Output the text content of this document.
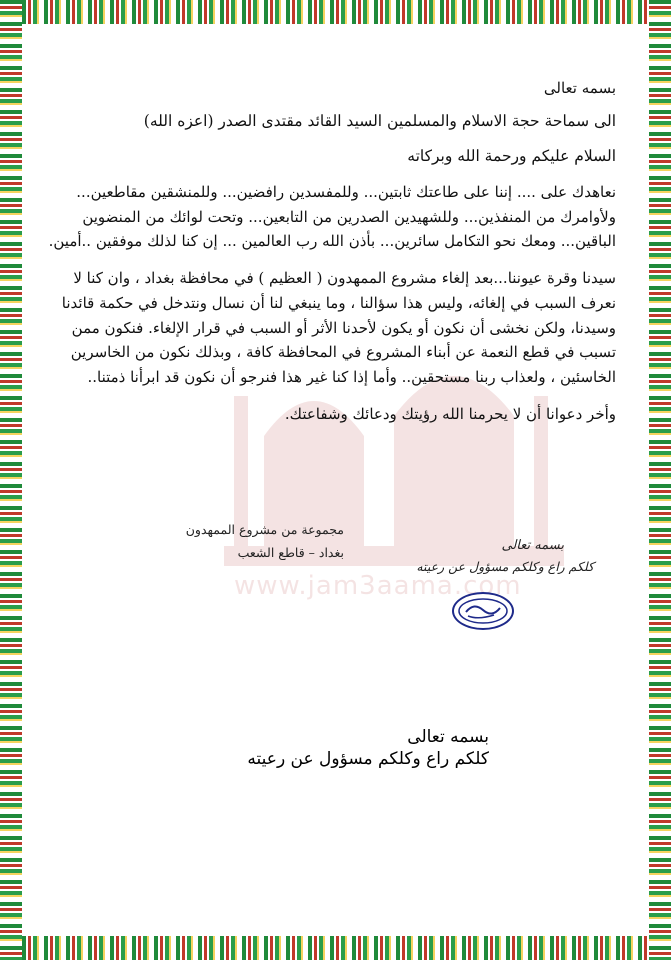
www.jam3aama.com
بسمه تعالى
الى سماحة حجة الاسلام والمسلمين السيد القائد مقتدى الصدر (اعزه الله)
السلام عليكم ورحمة الله وبركاته

نعاهدك على .... إننا على طاعتك ثابتين... وللمفسدين رافضين... وللمنشقين مقاطعين...

ولأوامرك من المنفذين... وللشهيدين الصدرين من التابعين... وتحت لوائك من المنضوين

الباقين... ومعك نحو التكامل سائرين... بأذن الله رب العالمين ... إن كنا لذلك موفقين ..أمين.

سيدنا وقرة عيوننا...بعد إلغاء مشروع الممهدون ( العظيم ) في محافظة بغداد ، وان كنا لا

نعرف السبب في إلغائه، وليس هذا سؤالنا ، وما ينبغي لنا أن نسال ونتدخل في حكمة قائدنا

وسيدنا، ولكن نخشى أن نكون أو يكون لأحدنا الأثر أو السبب في قرار الإلغاء. فنكون ممن

تسبب في قطع النعمة عن أبناء المشروع في المحافظة كافة ، وبذلك نكون من الخاسرين

الخاسئين ، ولعذاب ربنا مستحقين.. وأما إذا كنا غير هذا فنرجو أن نكون قد ابرأنا ذمتنا..

وأخر دعوانا أن لا يحرمنا الله رؤيتك ودعائك وشفاعتك.
مجموعة من مشروع الممهدون
بغداد – قاطع الشعب	بسمه تعالى
كلكم راع وكلكم مسؤول عن رعيته
بسمه تعالى
كلكم راع وكلكم مسؤول عن رعيته
